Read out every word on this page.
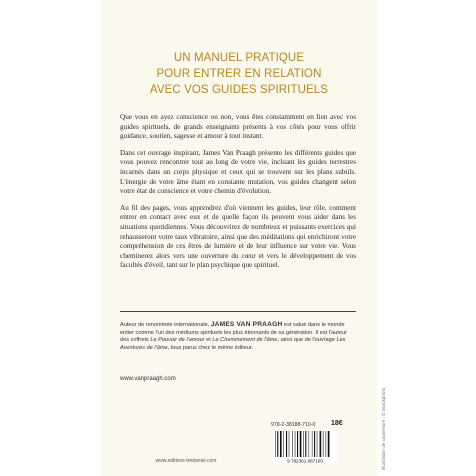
UN MANUEL PRATIQUE
POUR ENTRER EN RELATION
AVEC VOS GUIDES SPIRITUELS

Que vous en ayez conscience ou non, vous êtes constamment en lien avec vos guides spirituels, de grands enseignants présents à vos côtés pour vous offrir guidance, soutien, sagesse et amour à tout instant.

Dans cet ouvrage inspirant, James Van Praagh présente les différents guides que vous pouvez rencontrer tout au long de votre vie, incluant les guides terrestres incarnés dans un corps physique et ceux qui se trouvent sur les plans subtils. L'énergie de votre âme étant en constante mutation, vos guides changent selon votre état de conscience et votre chemin d'évolution.

Au fil des pages, vous apprendrez d'où viennent les guides, leur rôle, comment entrer en contact avec eux et de quelle façon ils peuvent vous aider dans les situations quotidiennes. Vous découvrirez de nombreux et puissants exercices qui rehausseront votre taux vibratoire, ainsi que des méditations qui enrichiront votre compréhension de ces êtres de lumière et de leur influence sur votre vie. Vous cheminerez alors vers une ouverture du cœur et vers le développement de vos facultés d'éveil, tant sur le plan psychique que spirituel.

Auteur de renommée internationale, JAMES VAN PRAAGH est salué dans le monde entier comme l'un des médiums spirituels les plus étonnants de sa génération. Il est l'auteur des coffrets Le Pouvoir de l'amour et Le Cheminement de l'âme, ainsi que de l'ouvrage Les Aventures de l'âme, tous parus chez le même éditeur.
www.vanpraagh.com
978-2-38188-710-0	18€
9 782381 887100
www.editions-tredaniel.com	Illustration de couverture : © Istockphoto
